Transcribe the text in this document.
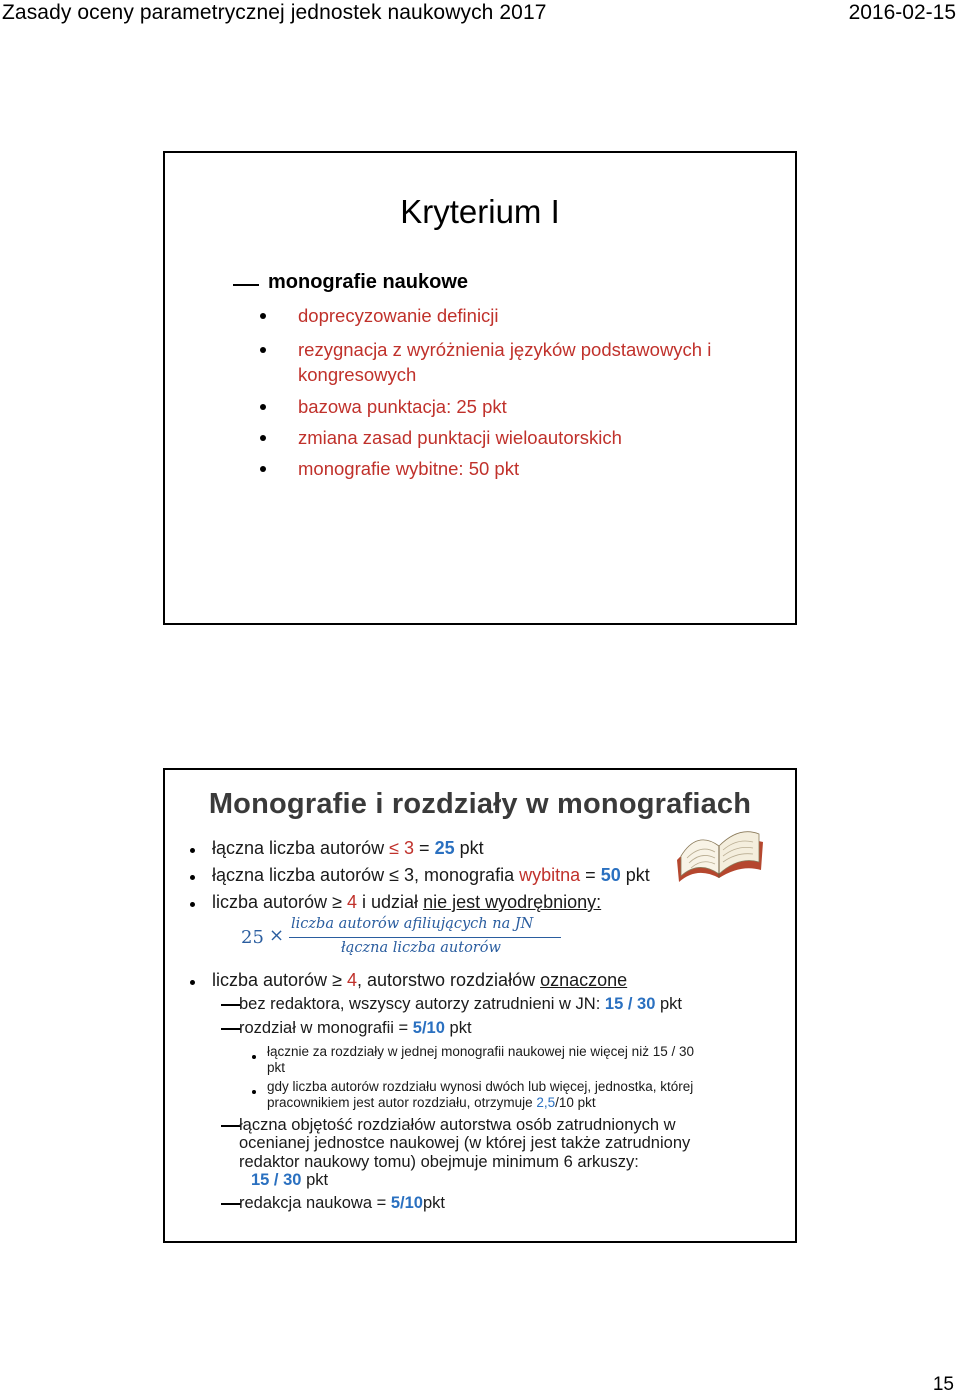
Zasady oceny parametrycznej jednostek naukowych 2017	2016-02-15
Kryterium I
monografie naukowe
doprecyzowanie definicji
rezygnacja z wyróżnienia języków podstawowych i
kongresowych
bazowa punktacja: 25 pkt
zmiana zasad punktacji wieloautorskich
monografie wybitne: 50 pkt
Monografie i rozdziały w monografiach
łączna liczba autorów ≤ 3 = 25 pkt
łączna liczba autorów ≤ 3, monografia wybitna = 50 pkt
liczba autorów ≥ 4 i udział nie jest wyodrębniony:
25 ×
liczba autorów afiliujących na JN
łączna liczba autorów
liczba autorów ≥ 4, autorstwo rozdziałów oznaczone
bez redaktora, wszyscy autorzy zatrudnieni w JN: 15 / 30 pkt
rozdział w monografii = 5/10 pkt
łącznie za rozdziały w jednej monografii naukowej nie więcej niż 15 / 30
pkt
gdy liczba autorów rozdziału wynosi dwóch lub więcej, jednostka, której
pracownikiem jest autor rozdziału, otrzymuje 2,5/10 pkt
łączna objętość rozdziałów autorstwa osób zatrudnionych w
ocenianej jednostce naukowej (w której jest także zatrudniony
redaktor naukowy tomu) obejmuje minimum 6 arkuszy:
15 / 30 pkt
redakcja naukowa = 5/10pkt
15
